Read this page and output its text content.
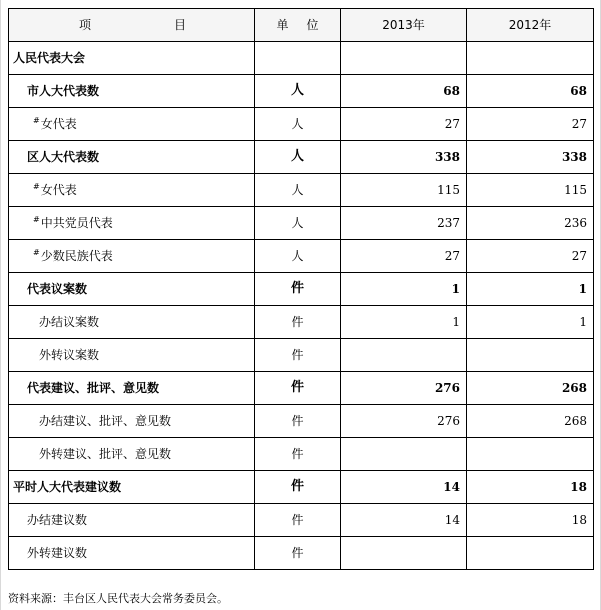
项 目	单位	2013年	2012年
人民代表大会			
市人大代表数	人	68	68
#女代表	人	27	27
区人大代表数	人	338	338
#女代表	人	115	115
#中共党员代表	人	237	236
#少数民族代表	人	27	27
代表议案数	件	1	1
办结议案数	件	1	1
外转议案数	件		
代表建议、批评、意见数	件	276	268
办结建议、批评、意见数	件	276	268
外转建议、批评、意见数	件		
平时人大代表建议数	件	14	18
办结建议数	件	14	18
外转建议数	件		
资料来源：丰台区人民代表大会常务委员会。
